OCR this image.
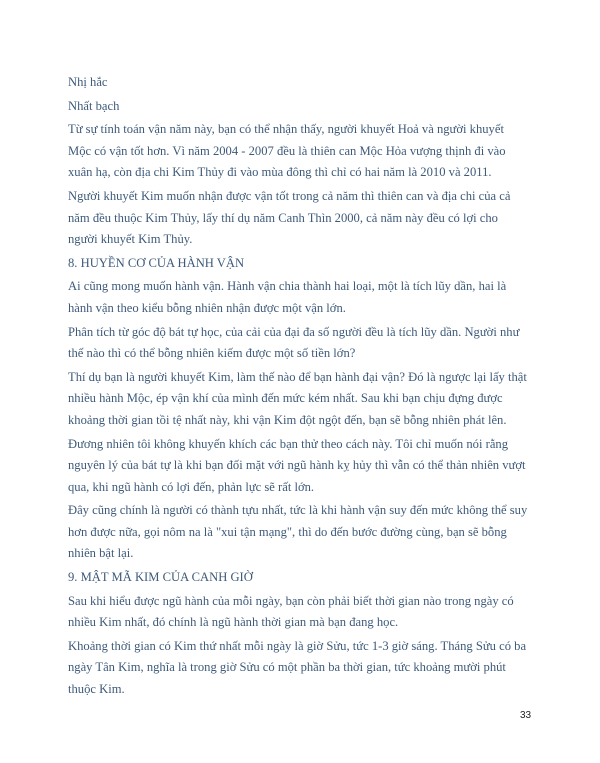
Nhị hắc

Nhất bạch

Từ sự tính toán vận năm này, bạn có thể nhận thấy, người khuyết Hoả và người khuyết Mộc có vận tốt hơn. Vì năm 2004 - 2007 đều là thiên can Mộc Hỏa vượng thịnh đi vào xuân hạ, còn địa chi Kim Thủy đi vào mùa đông thì chỉ có hai năm là 2010 và 2011.

Người khuyết Kim muốn nhận được vận tốt trong cả năm thì thiên can và địa chi của cả năm đều thuộc Kim Thủy, lấy thí dụ năm Canh Thìn 2000, cả năm này đều có lợi cho người khuyết Kim Thủy.

8. HUYỀN CƠ CỦA HÀNH VẬN

Ai cũng mong muốn hành vận. Hành vận chia thành hai loại, một là tích lũy dần, hai là hành vận theo kiểu bỗng nhiên nhận được một vận lớn.

Phân tích từ góc độ bát tự học, của cải của đại đa số người đều là tích lũy dần. Người như thế nào thì có thể bỗng nhiên kiếm được một số tiền lớn?

Thí dụ bạn là người khuyết Kim, làm thế nào để bạn hành đại vận? Đó là ngược lại lấy thật nhiều hành Mộc, ép vận khí của mình đến mức kém nhất. Sau khi bạn chịu đựng được khoảng thời gian tồi tệ nhất này, khi vận Kim đột ngột đến, bạn sẽ bỗng nhiên phát lên.

Đương nhiên tôi không khuyến khích các bạn thử theo cách này. Tôi chỉ muốn nói rằng nguyên lý của bát tự là khi bạn đối mặt với ngũ hành kỵ hủy thì vẫn có thể thản nhiên vượt qua, khi ngũ hành có lợi đến, phản lực sẽ rất lớn.

Đây cũng chính là người có thành tựu nhất, tức là khi hành vận suy đến mức không thể suy hơn được nữa, gọi nôm na là "xui tận mạng", thì do đến bước đường cùng, bạn sẽ bỗng nhiên bật lại.

9. MẬT MÃ KIM CỦA CANH GIỜ

Sau khi hiểu được ngũ hành của mỗi ngày, bạn còn phải biết thời gian nào trong ngày có nhiều Kim nhất, đó chính là ngũ hành thời gian mà bạn đang học.

Khoảng thời gian có Kim thứ nhất mỗi ngày là giờ Sửu, tức 1-3 giờ sáng. Tháng Sửu có ba ngày Tân Kim, nghĩa là trong giờ Sửu có một phần ba thời gian, tức khoảng mười phút thuộc Kim.

33
